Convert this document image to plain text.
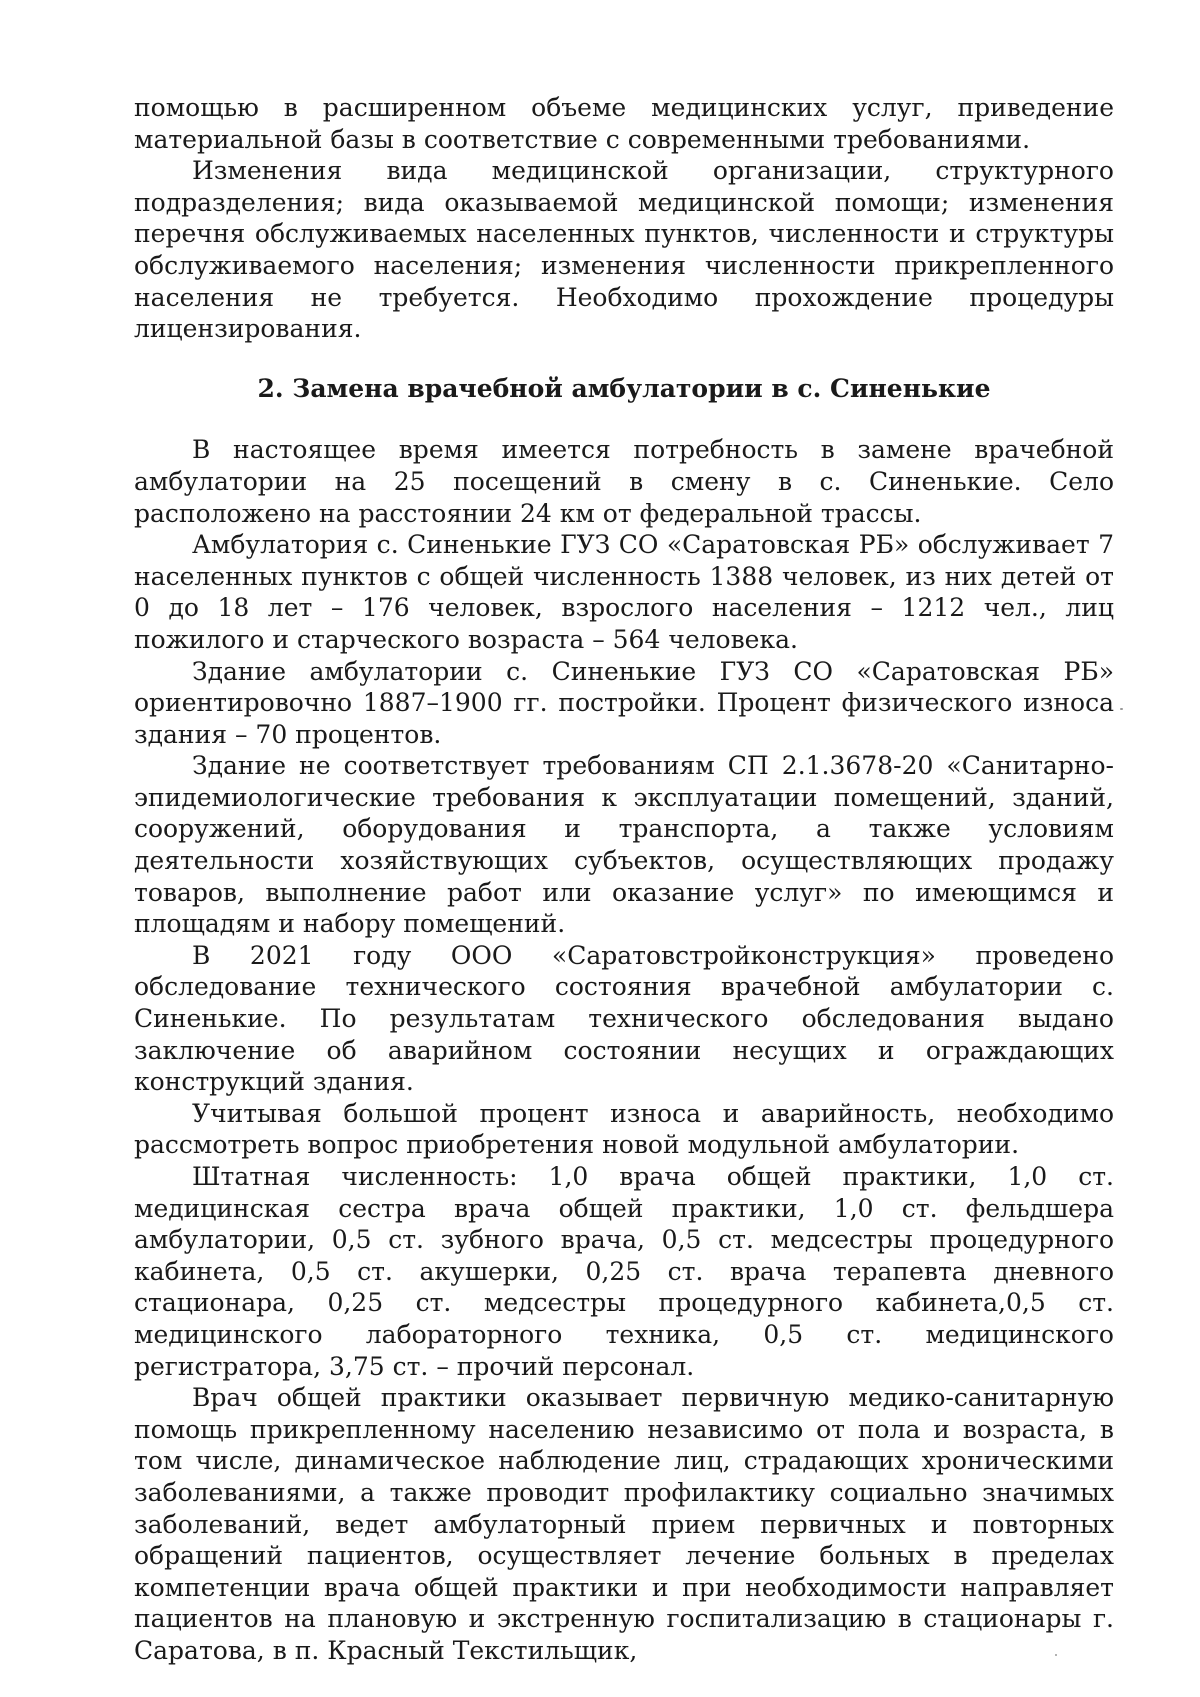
помощью в расширенном объеме медицинских услуг, приведение материальной базы в соответствие с современными требованиями.

Изменения вида медицинской организации, структурного подразделения; вида оказываемой медицинской помощи; изменения перечня обслуживаемых населенных пунктов, численности и структуры обслуживаемого населения; изменения численности прикрепленного населения не требуется. Необходимо прохождение процедуры лицензирования.

2. Замена врачебной амбулатории в с. Синенькие

В настоящее время имеется потребность в замене врачебной амбулатории на 25 посещений в смену в с. Синенькие. Село расположено на расстоянии 24 км от федеральной трассы.

Амбулатория с. Синенькие ГУЗ СО «Саратовская РБ» обслуживает 7 населенных пунктов с общей численность 1388 человек, из них детей от 0 до 18 лет – 176 человек, взрослого населения – 1212 чел., лиц пожилого и старческого возраста – 564 человека.

Здание амбулатории с. Синенькие ГУЗ СО «Саратовская РБ» ориентировочно 1887–1900 гг. постройки. Процент физического износа здания – 70 процентов.

Здание не соответствует требованиям СП 2.1.3678-20 «Санитарно-эпидемиологические требования к эксплуатации помещений, зданий, сооружений, оборудования и транспорта, а также условиям деятельности хозяйствующих субъектов, осуществляющих продажу товаров, выполнение работ или оказание услуг» по имеющимся и площадям и набору помещений.

В 2021 году ООО «Саратовстройконструкция» проведено обследование технического состояния врачебной амбулатории с. Синенькие. По результатам технического обследования выдано заключение об аварийном состоянии несущих и ограждающих конструкций здания.

Учитывая большой процент износа и аварийность, необходимо рассмотреть вопрос приобретения новой модульной амбулатории.

Штатная численность: 1,0 врача общей практики, 1,0 ст. медицинская сестра врача общей практики, 1,0 ст. фельдшера амбулатории, 0,5 ст. зубного врача, 0,5 ст. медсестры процедурного кабинета, 0,5 ст. акушерки, 0,25 ст. врача терапевта дневного стационара, 0,25 ст. медсестры процедурного кабинета,0,5 ст. медицинского лабораторного техника, 0,5 ст. медицинского регистратора, 3,75 ст. – прочий персонал.

Врач общей практики оказывает первичную медико-санитарную помощь прикрепленному населению независимо от пола и возраста, в том числе, динамическое наблюдение лиц, страдающих хроническими заболеваниями, а также проводит профилактику социально значимых заболеваний, ведет амбулаторный прием первичных и повторных обращений пациентов, осуществляет лечение больных в пределах компетенции врача общей практики и при необходимости направляет пациентов на плановую и экстренную госпитализацию в стационары г. Саратова, в п. Красный Текстильщик,
